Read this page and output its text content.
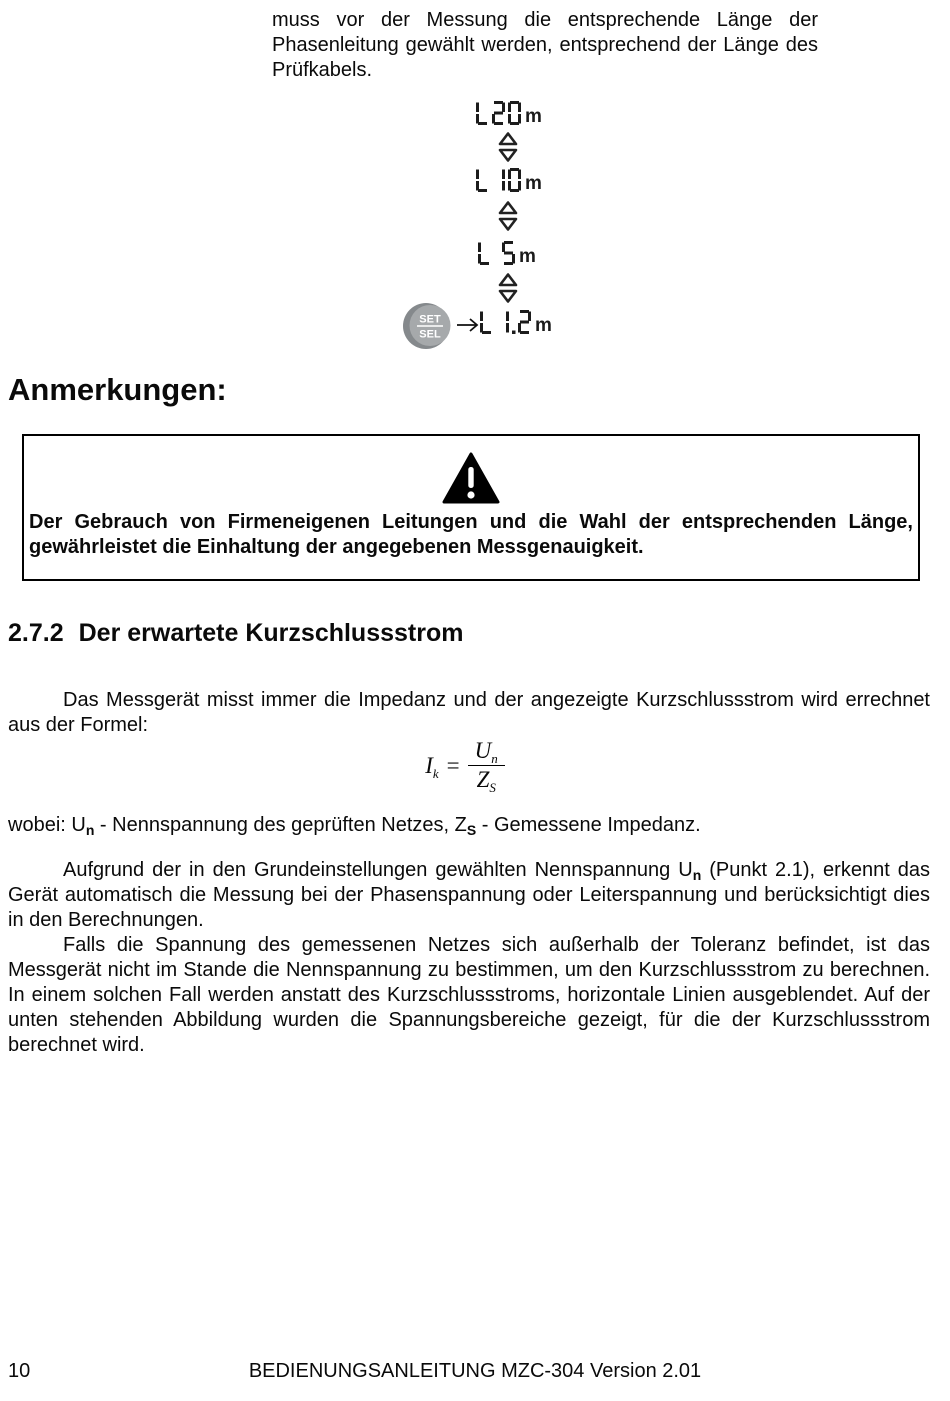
muss vor der Messung die entsprechende Länge der Phasenleitung gewählt werden, entsprechend der Länge des Prüfkabels.
m
m
m
SET
SEL	m
Anmerkungen:
Der Gebrauch von Firmeneigenen Leitungen und die Wahl der entsprechenden Länge, gewährleistet die Einhaltung der angegebenen Messgenauigkeit.
2.7.2 Der erwartete Kurzschlussstrom
Das Messgerät misst immer die Impedanz und der angezeigte Kurzschlussstrom wird errechnet aus der Formel:
$I_k = \frac{U_n}{Z_S}$
wobei: $U_n$ - Nennspannung des geprüften Netzes, $Z_S$ - Gemessene Impedanz.
Aufgrund der in den Grundeinstellungen gewählten Nennspannung $U_n$ (Punkt 2.1), erkennt das Gerät automatisch die Messung bei der Phasenspannung oder Leiterspannung und berücksichtigt dies in den Berechnungen.
Falls die Spannung des gemessenen Netzes sich außerhalb der Toleranz befindet, ist das Messgerät nicht im Stande die Nennspannung zu bestimmen, um den Kurzschlussstrom zu berechnen. In einem solchen Fall werden anstatt des Kurzschlussstroms, horizontale Linien ausgeblendet. Auf der unten stehenden Abbildung wurden die Spannungsbereiche gezeigt, für die der Kurzschlussstrom berechnet wird.
10	BEDIENUNGSANLEITUNG MZC-304 Version 2.01
